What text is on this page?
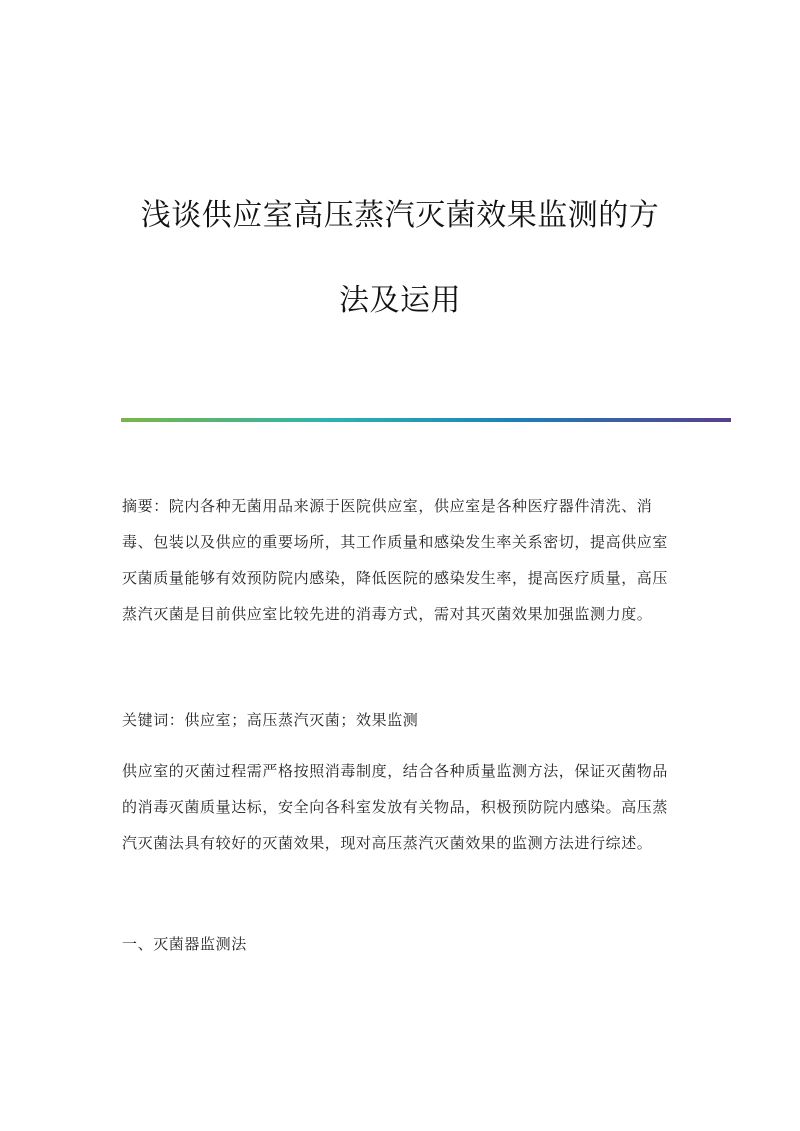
浅谈供应室高压蒸汽灭菌效果监测的方
法及运用

摘要：院内各种无菌用品来源于医院供应室，供应室是各种医疗器件清洗、消毒、包装以及供应的重要场所，其工作质量和感染发生率关系密切，提高供应室灭菌质量能够有效预防院内感染，降低医院的感染发生率，提高医疗质量，高压蒸汽灭菌是目前供应室比较先进的消毒方式，需对其灭菌效果加强监测力度。

关键词：供应室；高压蒸汽灭菌；效果监测

供应室的灭菌过程需严格按照消毒制度，结合各种质量监测方法，保证灭菌物品的消毒灭菌质量达标，安全向各科室发放有关物品，积极预防院内感染。高压蒸汽灭菌法具有较好的灭菌效果，现对高压蒸汽灭菌效果的监测方法进行综述。

一、灭菌器监测法
